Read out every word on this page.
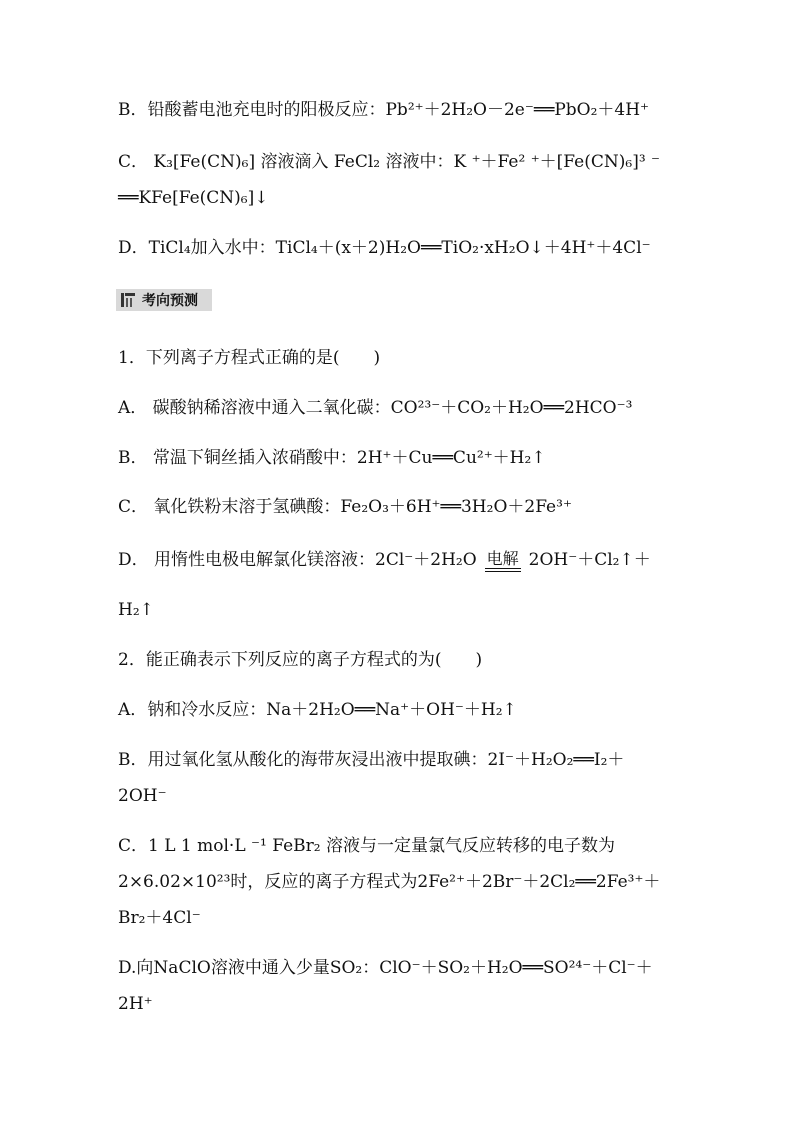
B．铅酸蓄电池充电时的阳极反应：Pb²⁺＋2H₂O－2e⁻══PbO₂＋4H⁺
C． K₃[Fe(CN)₆] 溶液滴入 FeCl₂ 溶液中：K ⁺＋Fe² ⁺＋[Fe(CN)₆]³ ⁻
══KFe[Fe(CN)₆]↓
D．TiCl₄加入水中：TiCl₄＋(x＋2)H₂O══TiO₂·xH₂O↓＋4H⁺＋4Cl⁻
考向预测
1．下列离子方程式正确的是(　　)
A． 碳酸钠稀溶液中通入二氧化碳：CO²³⁻＋CO₂＋H₂O══2HCO⁻³
B． 常温下铜丝插入浓硝酸中：2H⁺＋Cu══Cu²⁺＋H₂↑
C． 氧化铁粉末溶于氢碘酸：Fe₂O₃＋6H⁺══3H₂O＋2Fe³⁺
D． 用惰性电极电解氯化镁溶液：2Cl⁻＋2H₂O 电解 2OH⁻＋Cl₂↑＋
H₂↑
2．能正确表示下列反应的离子方程式的为(　　)
A．钠和冷水反应：Na＋2H₂O══Na⁺＋OH⁻＋H₂↑
B．用过氧化氢从酸化的海带灰浸出液中提取碘：2I⁻＋H₂O₂══I₂＋
2OH⁻
C．1 L 1 mol·L ⁻¹ FeBr₂ 溶液与一定量氯气反应转移的电子数为
2×6.02×10²³时，反应的离子方程式为2Fe²⁺＋2Br⁻＋2Cl₂══2Fe³⁺＋
Br₂＋4Cl⁻
D.向NaClO溶液中通入少量SO₂：ClO⁻＋SO₂＋H₂O══SO²⁴⁻＋Cl⁻＋
2H⁺
